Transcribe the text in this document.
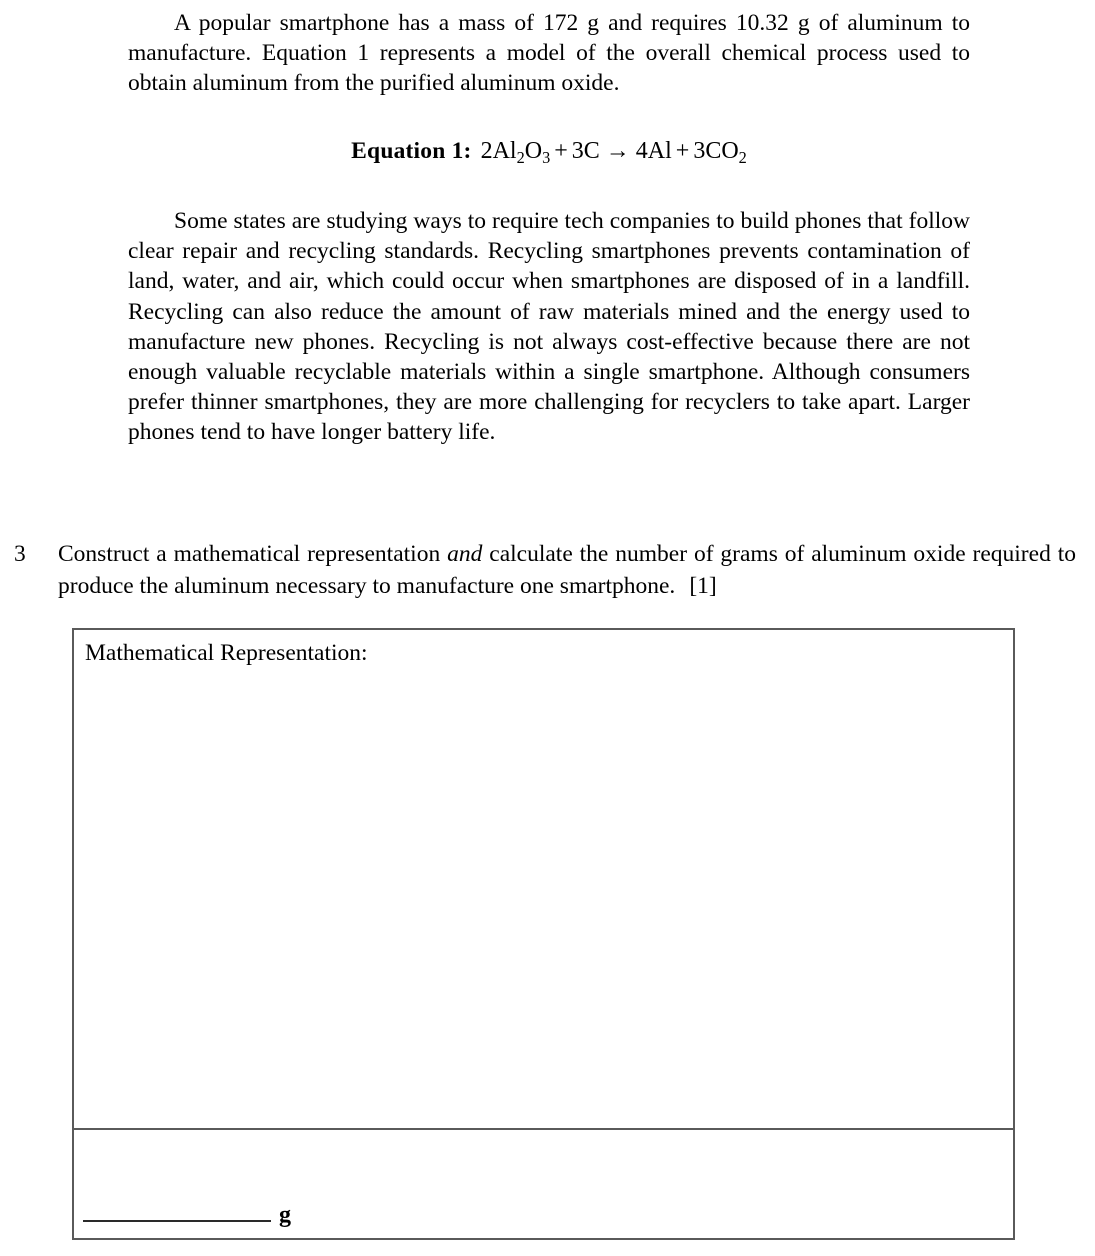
A popular smartphone has a mass of 172 g and requires 10.32 g of aluminum to manufacture. Equation 1 represents a model of the overall chemical process used to obtain aluminum from the purified aluminum oxide.

Equation 1: $2Al_2O_3 + 3C \to 4Al + 3CO_2$

Some states are studying ways to require tech companies to build phones that follow clear repair and recycling standards. Recycling smartphones prevents contamination of land, water, and air, which could occur when smartphones are disposed of in a landfill. Recycling can also reduce the amount of raw materials mined and the energy used to manufacture new phones. Recycling is not always cost-effective because there are not enough valuable recyclable materials within a single smartphone. Although consumers prefer thinner smartphones, they are more challenging for recyclers to take apart. Larger phones tend to have longer battery life.

3	Construct a mathematical representation and calculate the number of grams of aluminum oxide required to produce the aluminum necessary to manufacture one smartphone. [1]
Mathematical Representation:
g
